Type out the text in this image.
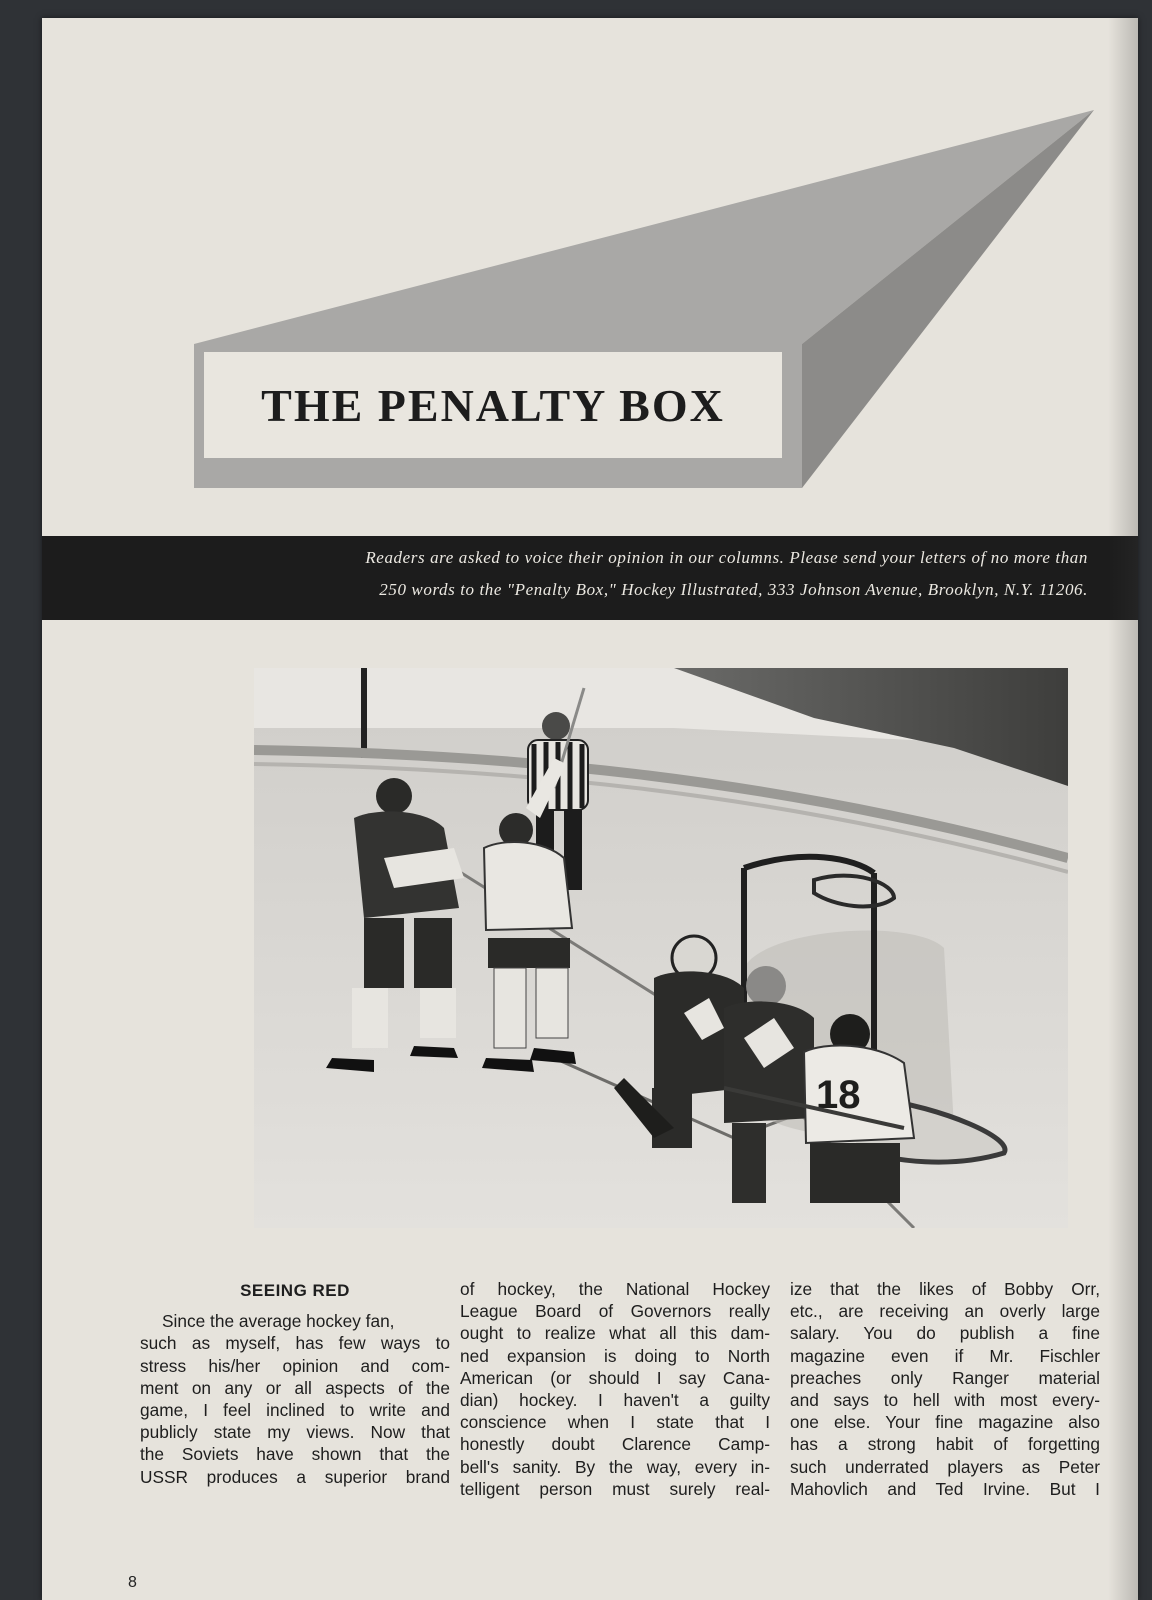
THE PENALTY BOX
Readers are asked to voice their opinion in our columns. Please send your letters of no more than
250 words to the "Penalty Box," Hockey Illustrated, 333 Johnson Avenue, Brooklyn, N.Y. 11206.
18
SEEING RED
Since the average hockey fan,
such as myself, has few ways to
stress his/her opinion and com-
ment on any or all aspects of the
game, I feel inclined to write and
publicly state my views. Now that
the Soviets have shown that the
USSR produces a superior brand
of hockey, the National Hockey
League Board of Governors really
ought to realize what all this dam-
ned expansion is doing to North
American (or should I say Cana-
dian) hockey. I haven't a guilty
conscience when I state that I
honestly doubt Clarence Camp-
bell's sanity. By the way, every in-
telligent person must surely real-
ize that the likes of Bobby Orr,
etc., are receiving an overly large
salary. You do publish a fine
magazine even if Mr. Fischler
preaches only Ranger material
and says to hell with most every-
one else. Your fine magazine also
has a strong habit of forgetting
such underrated players as Peter
Mahovlich and Ted Irvine. But I
8
